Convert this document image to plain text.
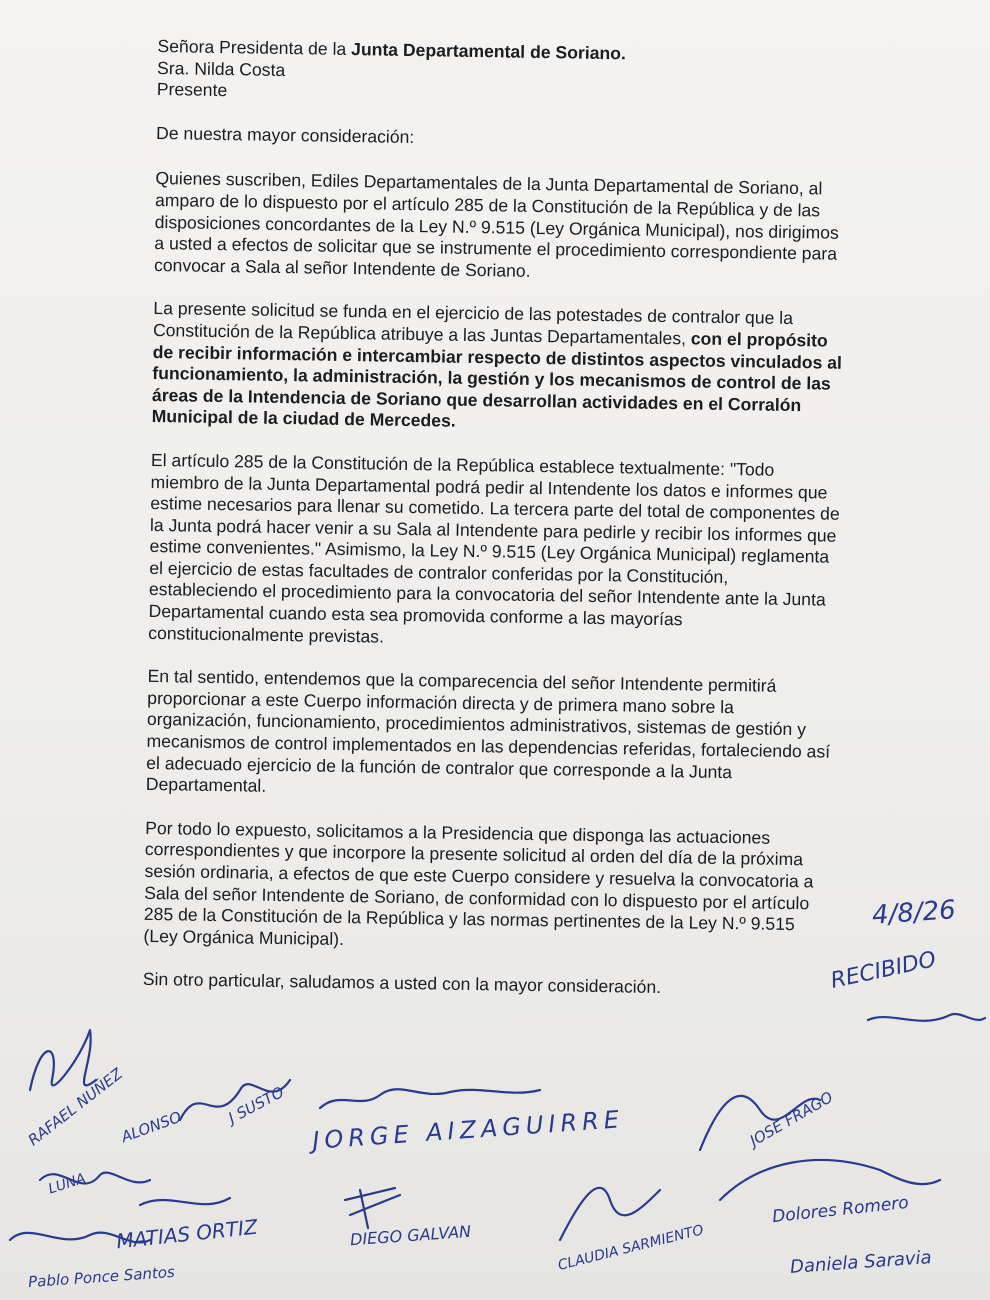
Señora Presidenta de la Junta Departamental de Soriano.
Sra. Nilda Costa
Presente

De nuestra mayor consideración:

Quienes suscriben, Ediles Departamentales de la Junta Departamental de Soriano, al amparo de lo dispuesto por el artículo 285 de la Constitución de la República y de las disposiciones concordantes de la Ley N.º 9.515 (Ley Orgánica Municipal), nos dirigimos a usted a efectos de solicitar que se instrumente el procedimiento correspondiente para convocar a Sala al señor Intendente de Soriano.

La presente solicitud se funda en el ejercicio de las potestades de contralor que la Constitución de la República atribuye a las Juntas Departamentales, con el propósito de recibir información e intercambiar respecto de distintos aspectos vinculados al funcionamiento, la administración, la gestión y los mecanismos de control de las áreas de la Intendencia de Soriano que desarrollan actividades en el Corralón Municipal de la ciudad de Mercedes.

El artículo 285 de la Constitución de la República establece textualmente: "Todo miembro de la Junta Departamental podrá pedir al Intendente los datos e informes que estime necesarios para llenar su cometido. La tercera parte del total de componentes de la Junta podrá hacer venir a su Sala al Intendente para pedirle y recibir los informes que estime convenientes." Asimismo, la Ley N.º 9.515 (Ley Orgánica Municipal) reglamenta el ejercicio de estas facultades de contralor conferidas por la Constitución, estableciendo el procedimiento para la convocatoria del señor Intendente ante la Junta Departamental cuando esta sea promovida conforme a las mayorías constitucionalmente previstas.

En tal sentido, entendemos que la comparecencia del señor Intendente permitirá proporcionar a este Cuerpo información directa y de primera mano sobre la organización, funcionamiento, procedimientos administrativos, sistemas de gestión y mecanismos de control implementados en las dependencias referidas, fortaleciendo así el adecuado ejercicio de la función de contralor que corresponde a la Junta Departamental.

Por todo lo expuesto, solicitamos a la Presidencia que disponga las actuaciones correspondientes y que incorpore la presente solicitud al orden del día de la próxima sesión ordinaria, a efectos de que este Cuerpo considere y resuelva la convocatoria a Sala del señor Intendente de Soriano, de conformidad con lo dispuesto por el artículo 285 de la Constitución de la República y las normas pertinentes de la Ley N.º 9.515 (Ley Orgánica Municipal).

Sin otro particular, saludamos a usted con la mayor consideración.

4/8/26
RECIBIDO
RAFAEL NUÑEZ
ALONSO	J SUSTO
JORGE AIZAGUIRRE	JOSE FRAGO
LUNA
MATIAS ORTIZ	DIEGO GALVAN	CLAUDIA SARMIENTO
Dolores Romero
Daniela Saravia
Pablo Ponce Santos
